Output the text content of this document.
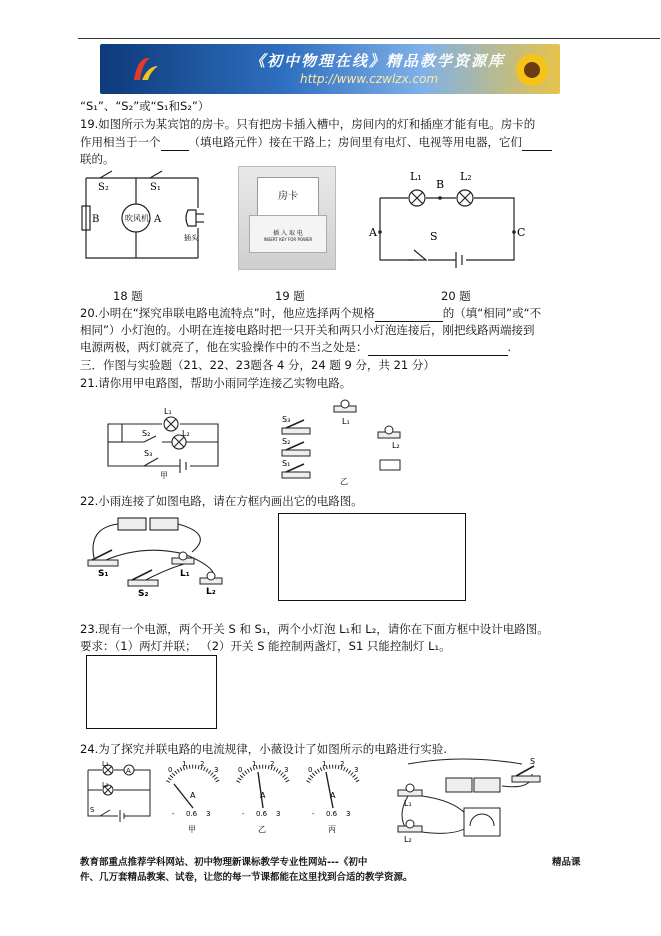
《初中物理在线》精品教学资源库
http://www.czwlzx.com
“S₁”、“S₂”或“S₁和S₂”）
19.如图所示为某宾馆的房卡。只有把房卡插入槽中，房间内的灯和插座才能有电。房卡的
作用相当于一个 （填电路元件）接在干路上；房间里有电灯、电视等用电器，它们
联的。
S₂	S₁
B	A
吹风机
插头
房卡
插 入 取 电
INSERT KEY FOR POWER
L₁
B
L₂
A	C
S
18 题	19 题	20 题
20.小明在“探究串联电路电流特点”时，他应选择两个规格	的（填“相同”或“不
相同”）小灯泡的。小明在连接电路时把一只开关和两只小灯泡连接后，刚把线路两端接到
电源两极，两灯就亮了，他在实验操作中的不当之处是：	.
三．作图与实验题（21、22、23题各 4 分，24 题 9 分，共 21 分）
21.请你用甲电路图，帮助小雨同学连接乙实物电路。
L₁
L₂
S₂
S₃
甲
L₁
S₃
S₂
S₁
L₂
乙
22.小雨连接了如图电路，请在方框内画出它的电路图。
S₁
S₂
L₁
L₂
23.现有一个电源，两个开关 S 和 S₁，两个小灯泡 L₁和 L₂，请你在下面方框中设计电路图。
要求：（1）两灯并联； （2）开关 S 能控制两盏灯，S1 只能控制灯 L₁。
24.为了探究并联电路的电流规律，小薇设计了如图所示的电路进行实验.
L₁
L₂
A
S
0
1 2
3
A
- 0.6 3
甲
0
1 2
3
A
- 0.6 3
乙
0
1 2
3
A
- 0.6 3
丙
L₁
L₂
S
教育部重点推荐学科网站、初中物理新课标教学专业性网站---《初中	精品课
件、几万套精品教案、试卷，让您的每一节课都能在这里找到合适的教学资源。
